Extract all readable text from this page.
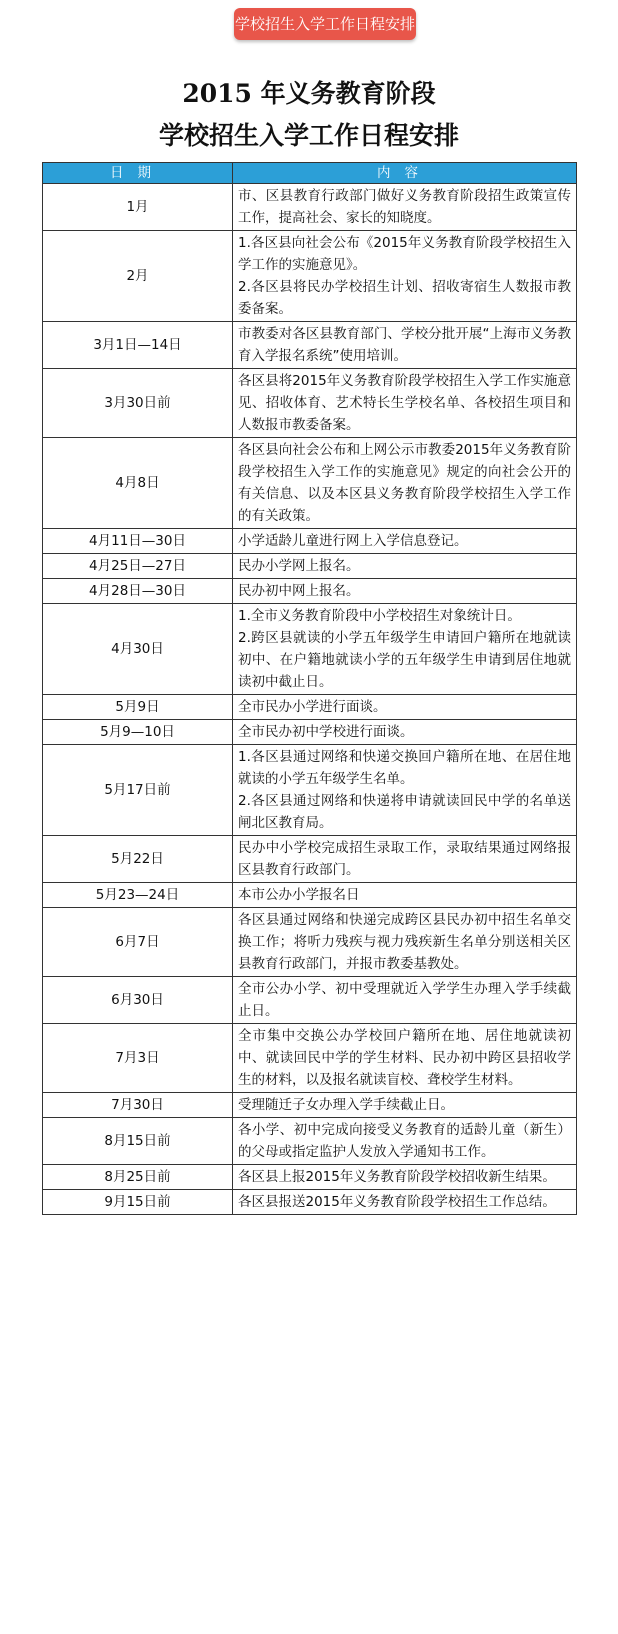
学校招生入学工作日程安排
2015 年义务教育阶段
学校招生入学工作日程安排
日期	内容
1月	市、区县教育行政部门做好义务教育阶段招生政策宣传工作，提高社会、家长的知晓度。

2月	1.各区县向社会公布《2015年义务教育阶段学校招生入学工作的实施意见》。
2.各区县将民办学校招生计划、招收寄宿生人数报市教委备案。

3月1日—14日	市教委对各区县教育部门、学校分批开展“上海市义务教育入学报名系统”使用培训。

3月30日前	各区县将2015年义务教育阶段学校招生入学工作实施意见、招收体育、艺术特长生学校名单、各校招生项目和人数报市教委备案。

4月8日	各区县向社会公布和上网公示市教委2015年义务教育阶段学校招生入学工作的实施意见》规定的向社会公开的有关信息、以及本区县义务教育阶段学校招生入学工作的有关政策。

4月11日—30日	小学适龄儿童进行网上入学信息登记。

4月25日—27日	民办小学网上报名。

4月28日—30日	民办初中网上报名。

4月30日	1.全市义务教育阶段中小学校招生对象统计日。
2.跨区县就读的小学五年级学生申请回户籍所在地就读初中、在户籍地就读小学的五年级学生申请到居住地就读初中截止日。

5月9日	全市民办小学进行面谈。

5月9—10日	全市民办初中学校进行面谈。

5月17日前	1.各区县通过网络和快递交换回户籍所在地、在居住地就读的小学五年级学生名单。
2.各区县通过网络和快递将申请就读回民中学的名单送闸北区教育局。

5月22日	民办中小学校完成招生录取工作，录取结果通过网络报区县教育行政部门。

5月23—24日	本市公办小学报名日

6月7日	各区县通过网络和快递完成跨区县民办初中招生名单交换工作；将听力残疾与视力残疾新生名单分别送相关区县教育行政部门，并报市教委基教处。

6月30日	全市公办小学、初中受理就近入学学生办理入学手续截止日。

7月3日	全市集中交换公办学校回户籍所在地、居住地就读初中、就读回民中学的学生材料、民办初中跨区县招收学生的材料，以及报名就读盲校、聋校学生材料。

7月30日	受理随迁子女办理入学手续截止日。

8月15日前	各小学、初中完成向接受义务教育的适龄儿童（新生）的父母或指定监护人发放入学通知书工作。

8月25日前	各区县上报2015年义务教育阶段学校招收新生结果。

9月15日前	各区县报送2015年义务教育阶段学校招生工作总结。
